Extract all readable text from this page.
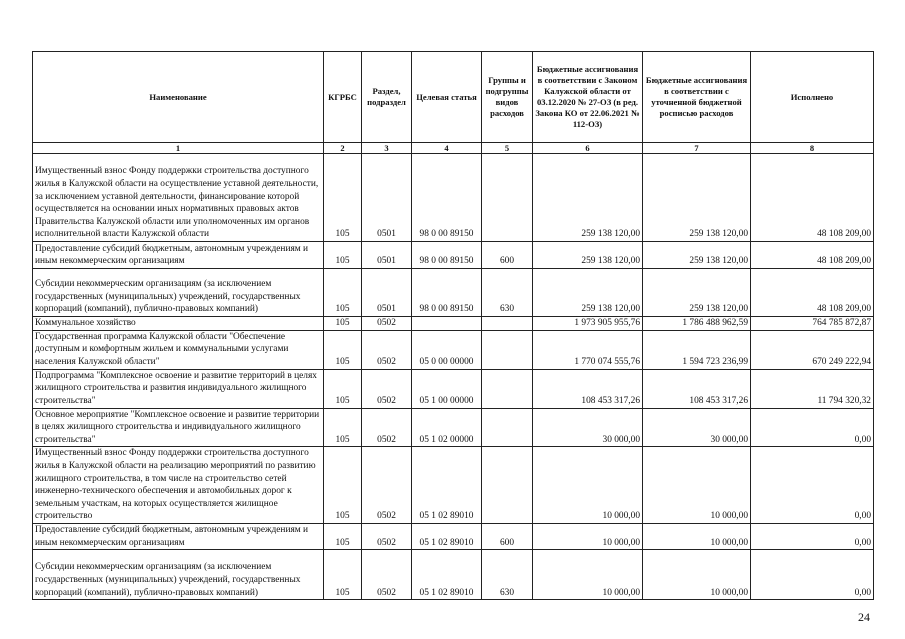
Наименование	КГРБС	Раздел, подраздел	Целевая статья	Группы и подгруппы видов расходов	Бюджетные ассигнования в соответствии с Законом Калужской области от 03.12.2020 № 27-ОЗ (в ред. Закона КО от 22.06.2021 № 112-ОЗ)	Бюджетные ассигнования в соответствии с уточненной бюджетной росписью расходов	Исполнено
1	2	3	4	5	6	7	8
Имущественный взнос Фонду поддержки строительства доступного жилья в Калужской области на осуществление уставной деятельности, за исключением уставной деятельности, финансирование которой осуществляется на основании иных нормативных правовых актов Правительства Калужской области или уполномоченных им органов исполнительной власти Калужской области	105	0501	98 0 00 89150		259 138 120,00	259 138 120,00	48 108 209,00
Предоставление субсидий бюджетным, автономным учреждениям и иным некоммерческим организациям	105	0501	98 0 00 89150	600	259 138 120,00	259 138 120,00	48 108 209,00
Субсидии некоммерческим организациям (за исключением государственных (муниципальных) учреждений, государственных корпораций (компаний), публично-правовых компаний)	105	0501	98 0 00 89150	630	259 138 120,00	259 138 120,00	48 108 209,00
Коммунальное хозяйство	105	0502			1 973 905 955,76	1 786 488 962,59	764 785 872,87
Государственная программа Калужской области "Обеспечение доступным и комфортным жильем и коммунальными услугами населения Калужской области"	105	0502	05 0 00 00000		1 770 074 555,76	1 594 723 236,99	670 249 222,94
Подпрограмма "Комплексное освоение и развитие территорий в целях жилищного строительства и развития индивидуального жилищного строительства"	105	0502	05 1 00 00000		108 453 317,26	108 453 317,26	11 794 320,32
Основное мероприятие "Комплексное освоение и развитие территории в целях жилищного строительства и индивидуального жилищного строительства"	105	0502	05 1 02 00000		30 000,00	30 000,00	0,00
Имущественный взнос Фонду поддержки строительства доступного жилья в Калужской области на реализацию мероприятий по развитию жилищного строительства, в том числе на строительство сетей инженерно-технического обеспечения и автомобильных дорог к земельным участкам, на которых осуществляется жилищное строительство	105	0502	05 1 02 89010		10 000,00	10 000,00	0,00
Предоставление субсидий бюджетным, автономным учреждениям и иным некоммерческим организациям	105	0502	05 1 02 89010	600	10 000,00	10 000,00	0,00
Субсидии некоммерческим организациям (за исключением государственных (муниципальных) учреждений, государственных корпораций (компаний), публично-правовых компаний)	105	0502	05 1 02 89010	630	10 000,00	10 000,00	0,00
24
